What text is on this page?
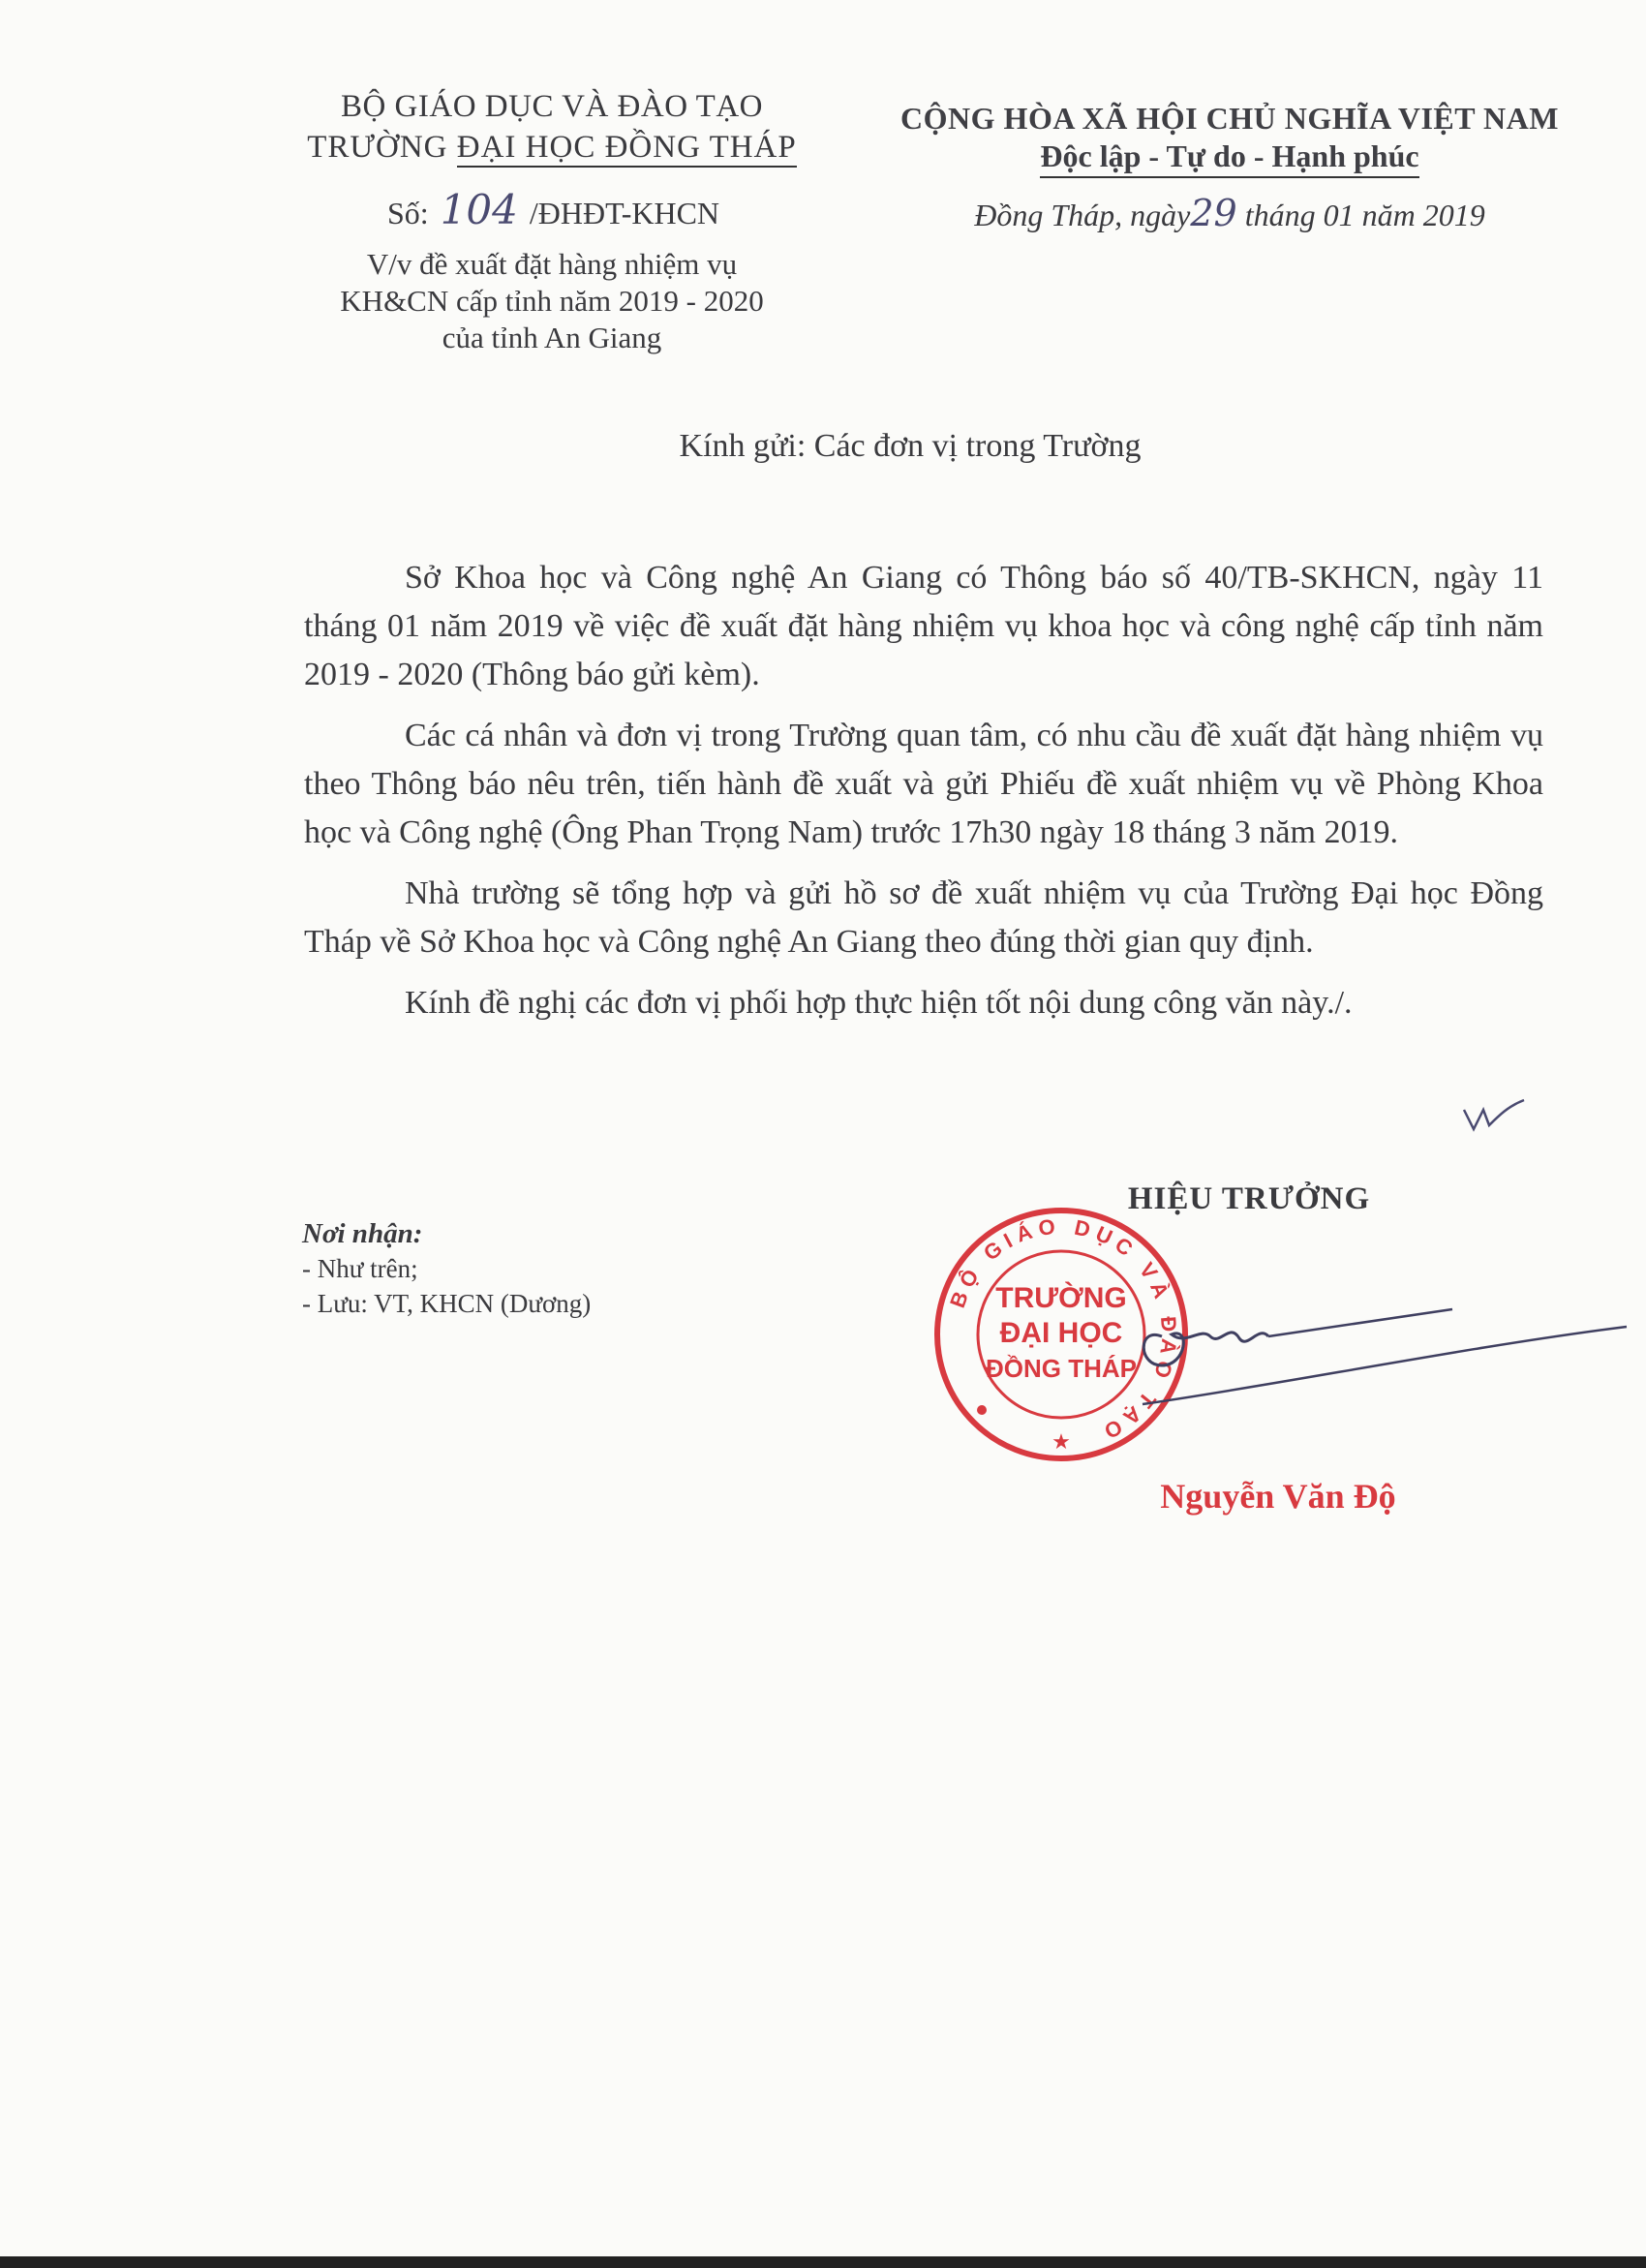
BỘ GIÁO DỤC VÀ ĐÀO TẠO
TRƯỜNG ĐẠI HỌC ĐỒNG THÁP
Số: 104 /ĐHĐT-KHCN
V/v đề xuất đặt hàng nhiệm vụ
KH&CN cấp tỉnh năm 2019 - 2020
của tỉnh An Giang
CỘNG HÒA XÃ HỘI CHỦ NGHĨA VIỆT NAM
Độc lập - Tự do - Hạnh phúc
Đồng Tháp, ngày29 tháng 01 năm 2019
Kính gửi: Các đơn vị trong Trường

Sở Khoa học và Công nghệ An Giang có Thông báo số 40/TB-SKHCN, ngày 11 tháng 01 năm 2019 về việc đề xuất đặt hàng nhiệm vụ khoa học và công nghệ cấp tỉnh năm 2019 - 2020 (Thông báo gửi kèm).

Các cá nhân và đơn vị trong Trường quan tâm, có nhu cầu đề xuất đặt hàng nhiệm vụ theo Thông báo nêu trên, tiến hành đề xuất và gửi Phiếu đề xuất nhiệm vụ về Phòng Khoa học và Công nghệ (Ông Phan Trọng Nam) trước 17h30 ngày 18 tháng 3 năm 2019.

Nhà trường sẽ tổng hợp và gửi hồ sơ đề xuất nhiệm vụ của Trường Đại học Đồng Tháp về Sở Khoa học và Công nghệ An Giang theo đúng thời gian quy định.

Kính đề nghị các đơn vị phối hợp thực hiện tốt nội dung công văn này./.

Nơi nhận:
- Như trên;
- Lưu: VT, KHCN (Dương)
HIỆU TRƯỞNG
BỘ GIÁO DỤC VÀ ĐÀO TẠO
TRƯỜNG
ĐẠI HỌC
ĐỒNG THÁP
★
Nguyễn Văn Độ
